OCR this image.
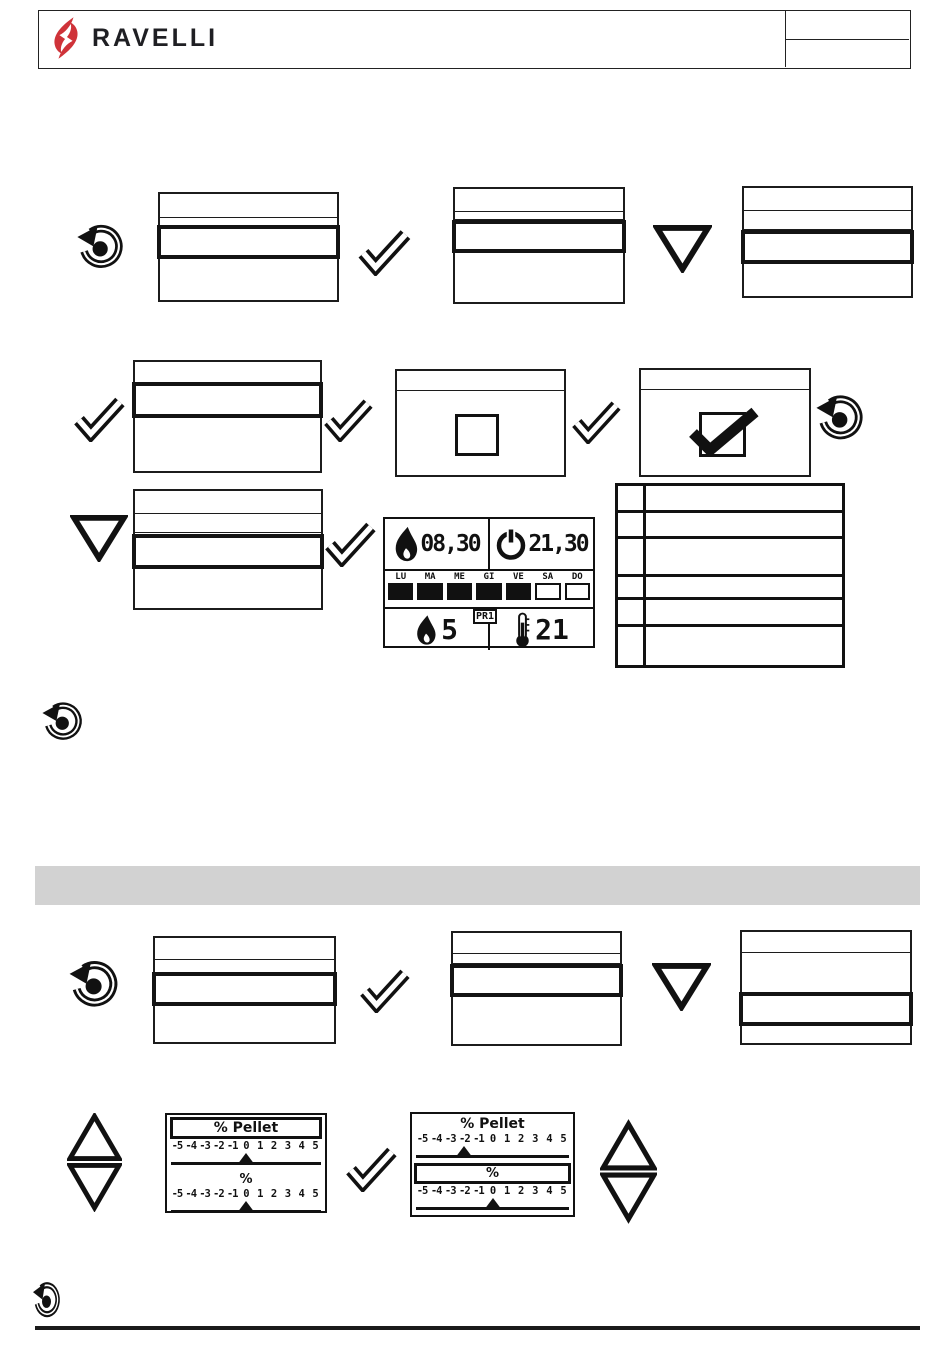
RAVELLI
08,30 21,30
LU MA ME GI VE SA DO
PR1
5	21
% Pellet
-5 -4 -3 -2 -1 0 1 2 3 4 5
%
-5 -4 -3 -2 -1 0 1 2 3 4 5
% Pellet
-5 -4 -3 -2 -1 0 1 2 3 4 5
%
-5 -4 -3 -2 -1 0 1 2 3 4 5
